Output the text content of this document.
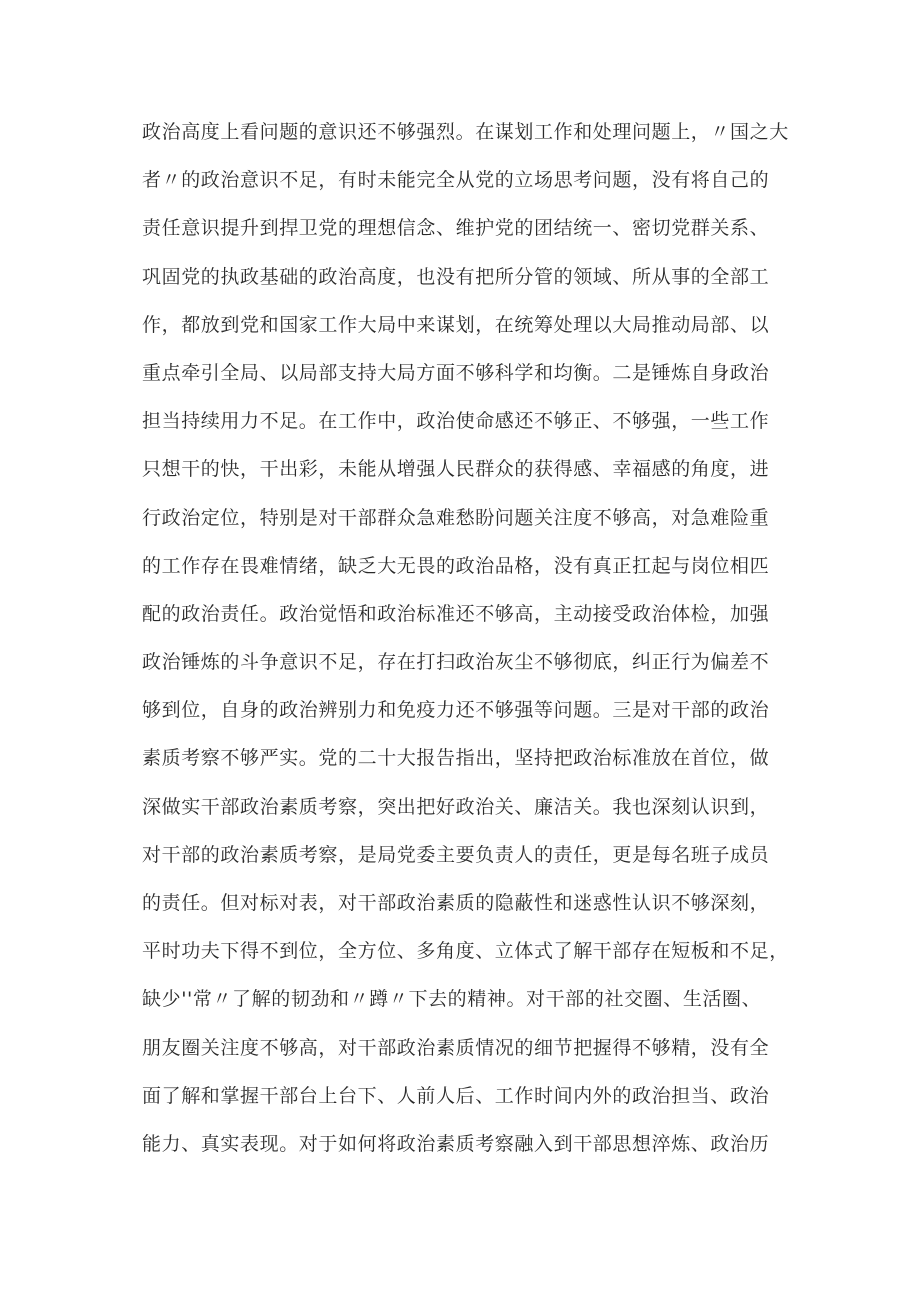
政治高度上看问题的意识还不够强烈。在谋划工作和处理问题上，〃国之大
者〃的政治意识不足，有时未能完全从党的立场思考问题，没有将自己的
责任意识提升到捍卫党的理想信念、维护党的团结统一、密切党群关系、
巩固党的执政基础的政治高度，也没有把所分管的领域、所从事的全部工
作，都放到党和国家工作大局中来谋划，在统筹处理以大局推动局部、以
重点牵引全局、以局部支持大局方面不够科学和均衡。二是锤炼自身政治
担当持续用力不足。在工作中，政治使命感还不够正、不够强，一些工作
只想干的快，干出彩，未能从增强人民群众的获得感、幸福感的角度，进
行政治定位，特别是对干部群众急难愁盼问题关注度不够高，对急难险重
的工作存在畏难情绪，缺乏大无畏的政治品格，没有真正扛起与岗位相匹
配的政治责任。政治觉悟和政治标准还不够高，主动接受政治体检，加强
政治锤炼的斗争意识不足，存在打扫政治灰尘不够彻底，纠正行为偏差不
够到位，自身的政治辨别力和免疫力还不够强等问题。三是对干部的政治
素质考察不够严实。党的二十大报告指出，坚持把政治标准放在首位，做
深做实干部政治素质考察，突出把好政治关、廉洁关。我也深刻认识到，
对干部的政治素质考察，是局党委主要负责人的责任，更是每名班子成员
的责任。但对标对表，对干部政治素质的隐蔽性和迷惑性认识不够深刻，
平时功夫下得不到位，全方位、多角度、立体式了解干部存在短板和不足，
缺少''常〃了解的韧劲和〃蹲〃下去的精神。对干部的社交圈、生活圈、
朋友圈关注度不够高，对干部政治素质情况的细节把握得不够精，没有全
面了解和掌握干部台上台下、人前人后、工作时间内外的政治担当、政治
能力、真实表现。对于如何将政治素质考察融入到干部思想淬炼、政治历
